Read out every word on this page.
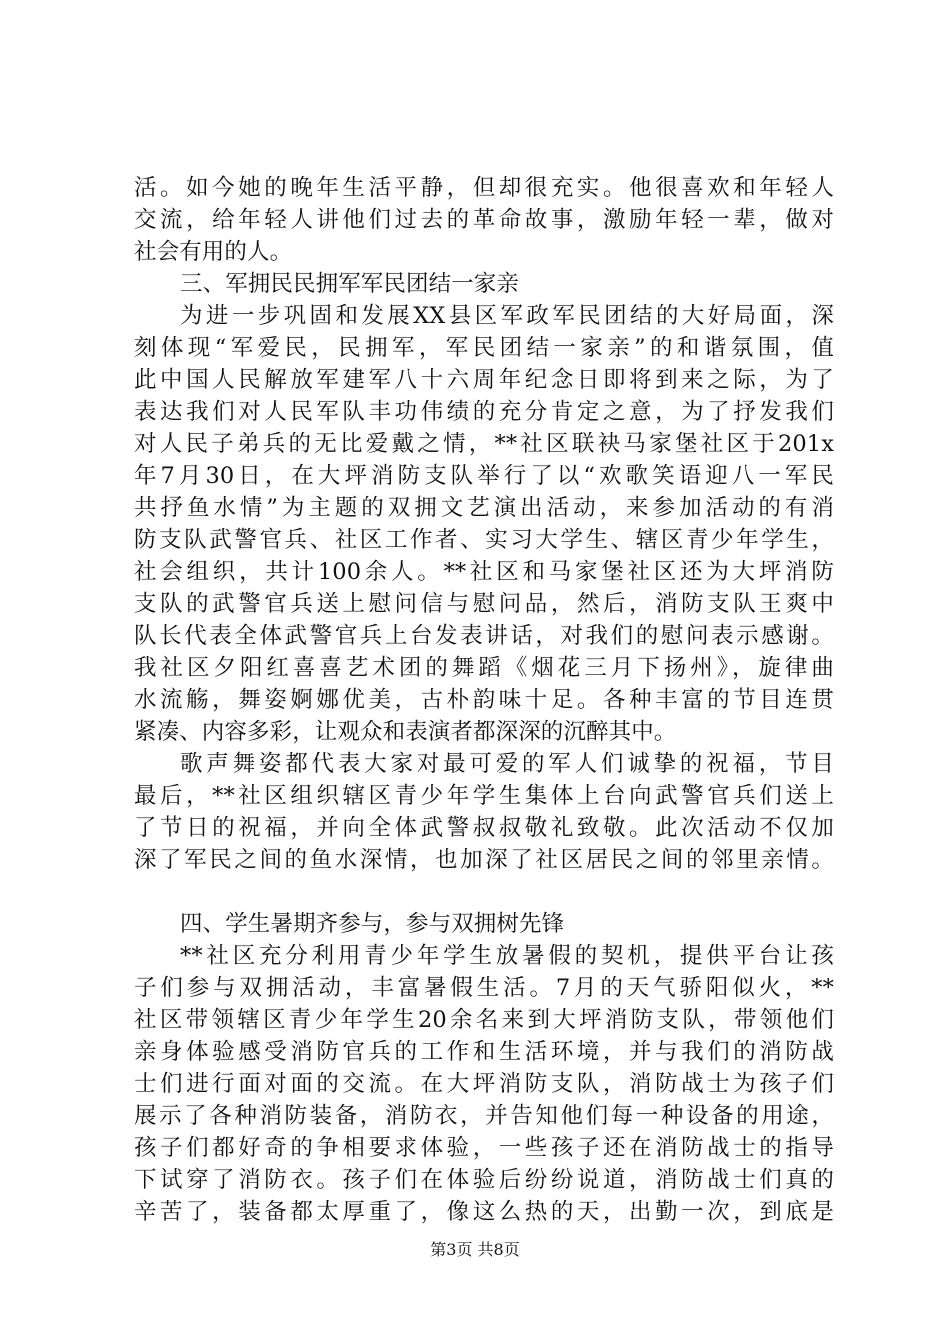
活。如今她的晚年生活平静，但却很充实。他很喜欢和年轻人
交流，给年轻人讲他们过去的革命故事，激励年轻一辈，做对
社会有用的人。
三、军拥民民拥军军民团结一家亲
为进一步巩固和发展XX县区军政军民团结的大好局面，深
刻体现“军爱民，民拥军，军民团结一家亲”的和谐氛围，值
此中国人民解放军建军八十六周年纪念日即将到来之际，为了
表达我们对人民军队丰功伟绩的充分肯定之意，为了抒发我们
对人民子弟兵的无比爱戴之情，**社区联袂马家堡社区于201x
年7月30日，在大坪消防支队举行了以“欢歌笑语迎八一军民
共抒鱼水情”为主题的双拥文艺演出活动，来参加活动的有消
防支队武警官兵、社区工作者、实习大学生、辖区青少年学生，
社会组织，共计100余人。**社区和马家堡社区还为大坪消防
支队的武警官兵送上慰问信与慰问品，然后，消防支队王爽中
队长代表全体武警官兵上台发表讲话，对我们的慰问表示感谢。
我社区夕阳红喜喜艺术团的舞蹈《烟花三月下扬州》，旋律曲
水流觞，舞姿婀娜优美，古朴韵味十足。各种丰富的节目连贯
紧凑、内容多彩，让观众和表演者都深深的沉醉其中。
歌声舞姿都代表大家对最可爱的军人们诚挚的祝福，节目
最后，**社区组织辖区青少年学生集体上台向武警官兵们送上
了节日的祝福，并向全体武警叔叔敬礼致敬。此次活动不仅加
深了军民之间的鱼水深情，也加深了社区居民之间的邻里亲情。
四、学生暑期齐参与，参与双拥树先锋
**社区充分利用青少年学生放暑假的契机，提供平台让孩
子们参与双拥活动，丰富暑假生活。7月的天气骄阳似火，**
社区带领辖区青少年学生20余名来到大坪消防支队，带领他们
亲身体验感受消防官兵的工作和生活环境，并与我们的消防战
士们进行面对面的交流。在大坪消防支队，消防战士为孩子们
展示了各种消防装备，消防衣，并告知他们每一种设备的用途，
孩子们都好奇的争相要求体验，一些孩子还在消防战士的指导
下试穿了消防衣。孩子们在体验后纷纷说道，消防战士们真的
辛苦了，装备都太厚重了，像这么热的天，出勤一次，到底是
第3页 共8页
